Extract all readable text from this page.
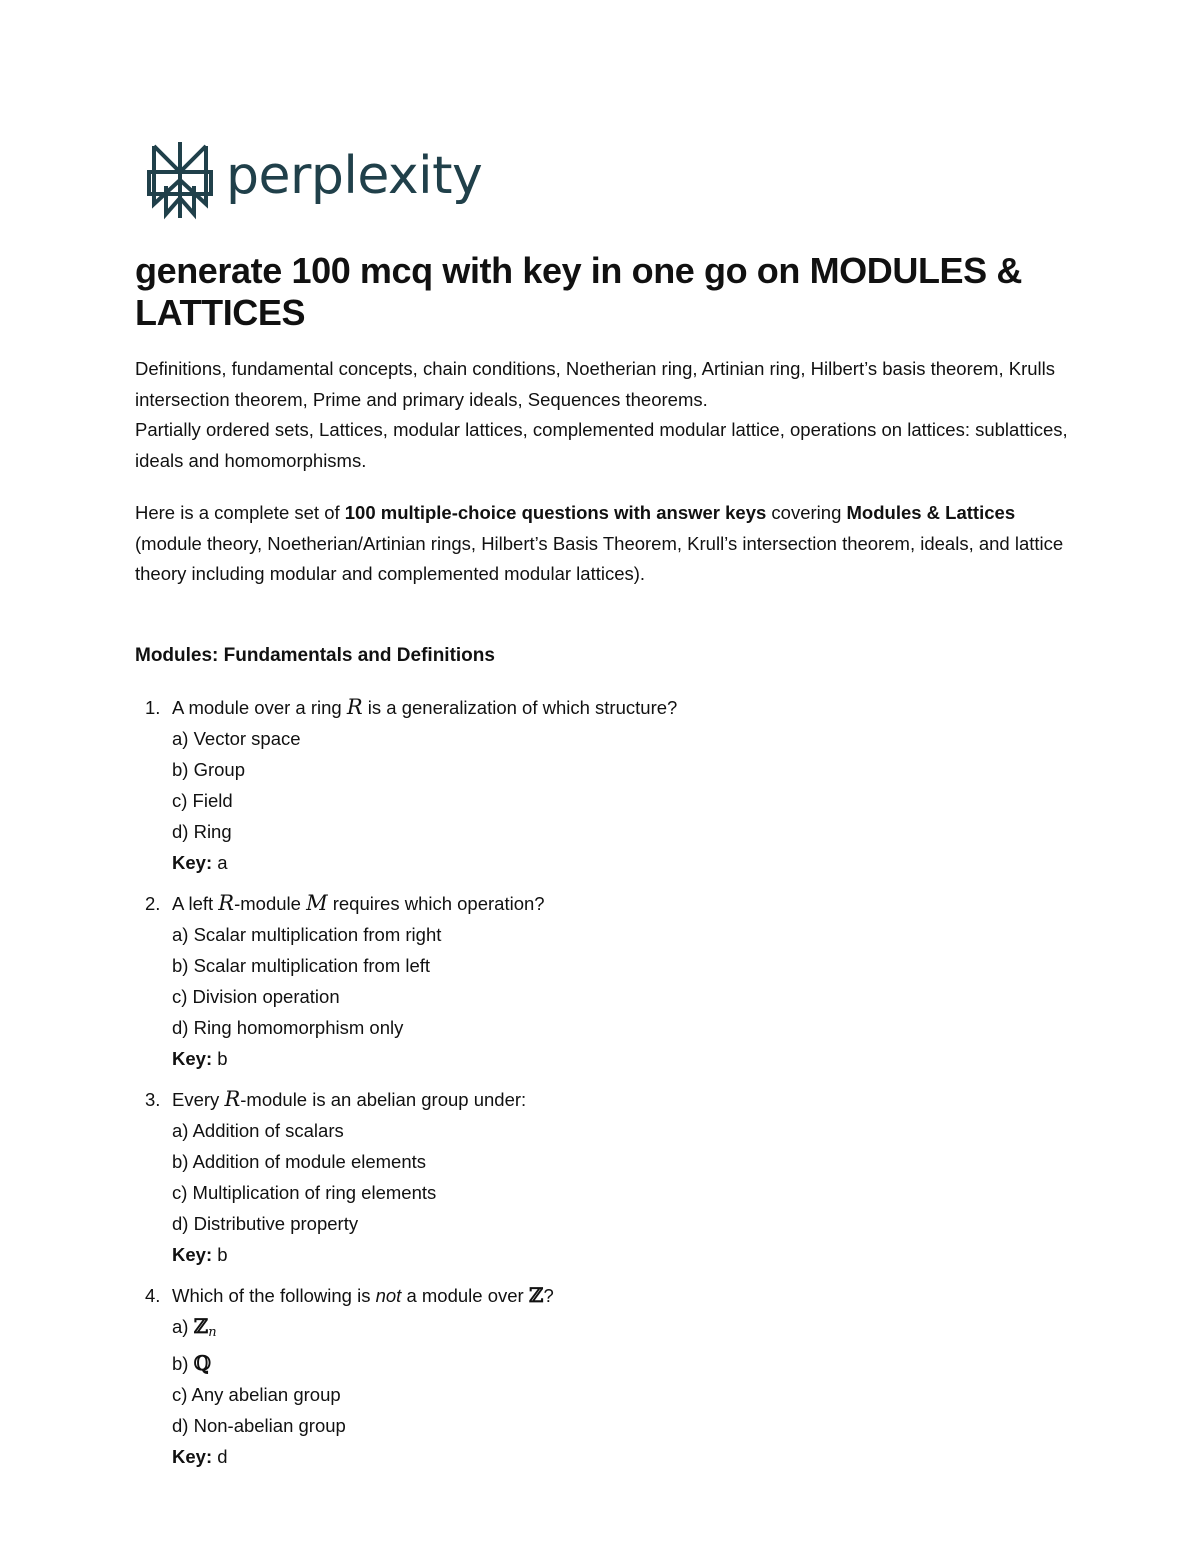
perplexity
generate 100 mcq with key in one go on MODULES & LATTICES

Definitions, fundamental concepts, chain conditions, Noetherian ring, Artinian ring, Hilbert’s basis theorem, Krulls intersection theorem, Prime and primary ideals, Sequences theorems.
Partially ordered sets, Lattices, modular lattices, complemented modular lattice, operations on lattices: sublattices, ideals and homomorphisms.

Here is a complete set of 100 multiple-choice questions with answer keys covering Modules & Lattices (module theory, Noetherian/Artinian rings, Hilbert’s Basis Theorem, Krull’s intersection theorem, ideals, and lattice theory including modular and complemented modular lattices).

Modules: Fundamentals and Definitions
1. A module over a ring R is a generalization of which structure?
a) Vector space
b) Group
c) Field
d) Ring
Key: a
2. A left R-module M requires which operation?
a) Scalar multiplication from right
b) Scalar multiplication from left
c) Division operation
d) Ring homomorphism only
Key: b
3. Every R-module is an abelian group under:
a) Addition of scalars
b) Addition of module elements
c) Multiplication of ring elements
d) Distributive property
Key: b
4. Which of the following is not a module over ℤ?
a) ℤ$_n$
b) ℚ
c) Any abelian group
d) Non-abelian group
Key: d
